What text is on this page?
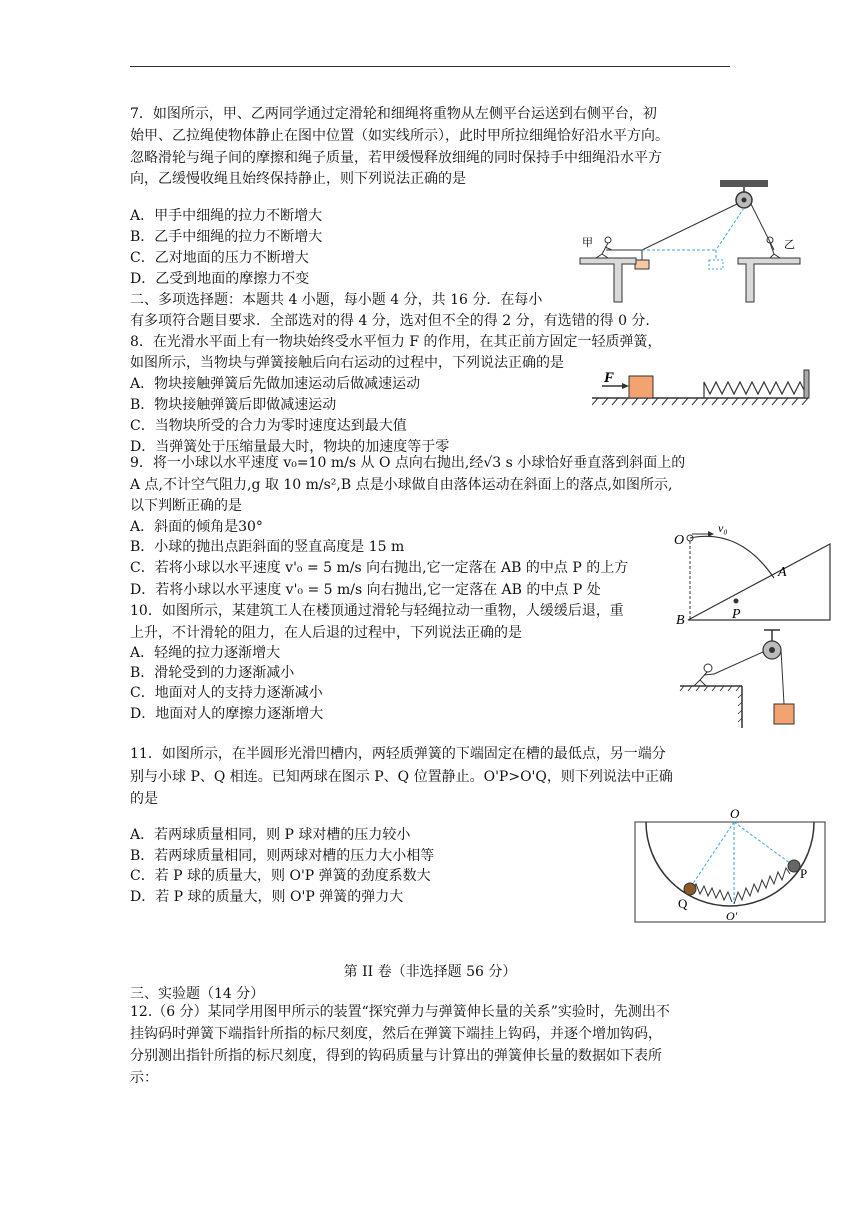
7．如图所示，甲、乙两同学通过定滑轮和细绳将重物从左侧平台运送到右侧平台，初
始甲、乙拉绳使物体静止在图中位置（如实线所示），此时甲所拉细绳恰好沿水平方向。
忽略滑轮与绳子间的摩擦和绳子质量，若甲缓慢释放细绳的同时保持手中细绳沿水平方
向，乙缓慢收绳且始终保持静止，则下列说法正确的是
A．甲手中细绳的拉力不断增大
B．乙手中细绳的拉力不断增大
C．乙对地面的压力不断增大
D．乙受到地面的摩擦力不变
甲	乙
二、多项选择题：本题共 4 小题，每小题 4 分，共 16 分．在每小
有多项符合题目要求．全部选对的得 4 分，选对但不全的得 2 分，有选错的得 0 分.
8．在光滑水平面上有一物块始终受水平恒力 F 的作用，在其正前方固定一轻质弹簧，
如图所示，当物块与弹簧接触后向右运动的过程中，下列说法正确的是
A．物块接触弹簧后先做加速运动后做减速运动
B．物块接触弹簧后即做减速运动
C．当物块所受的合力为零时速度达到最大值
D．当弹簧处于压缩量最大时，物块的加速度等于零
F
9．将一小球以水平速度 v₀=10 m/s 从 O 点向右抛出,经√3 s 小球恰好垂直落到斜面上的
A 点,不计空气阻力,g 取 10 m/s²,B 点是小球做自由落体运动在斜面上的落点,如图所示,
以下判断正确的是
A．斜面的倾角是30°
B．小球的抛出点距斜面的竖直高度是 15 m
C．若将小球以水平速度 v'₀ = 5 m/s 向右抛出,它一定落在 AB 的中点 P 的上方
D．若将小球以水平速度 v'₀ = 5 m/s 向右抛出,它一定落在 AB 的中点 P 处
O
v₀
A
B	P
10．如图所示，某建筑工人在楼顶通过滑轮与轻绳拉动一重物，人缓缓后退，重
上升，不计滑轮的阻力，在人后退的过程中，下列说法正确的是
A．轻绳的拉力逐渐增大
B．滑轮受到的力逐渐减小
C．地面对人的支持力逐渐减小
D．地面对人的摩擦力逐渐增大
11．如图所示，在半圆形光滑凹槽内，两轻质弹簧的下端固定在槽的最低点，另一端分
别与小球 P、Q 相连。已知两球在图示 P、Q 位置静止。O'P>O'Q，则下列说法中正确
的是
A．若两球质量相同，则 P 球对槽的压力较小
B．若两球质量相同，则两球对槽的压力大小相等
C．若 P 球的质量大，则 O'P 弹簧的劲度系数大
D．若 P 球的质量大，则 O'P 弹簧的弹力大
O
P
Q
O'
第 II 卷（非选择题 56 分）
三、实验题（14 分）
12.（6 分）某同学用图甲所示的装置“探究弹力与弹簧伸长量的关系”实验时，先测出不
挂钩码时弹簧下端指针所指的标尺刻度，然后在弹簧下端挂上钩码，并逐个增加钩码，
分别测出指针所指的标尺刻度，得到的钩码质量与计算出的弹簧伸长量的数据如下表所
示：
